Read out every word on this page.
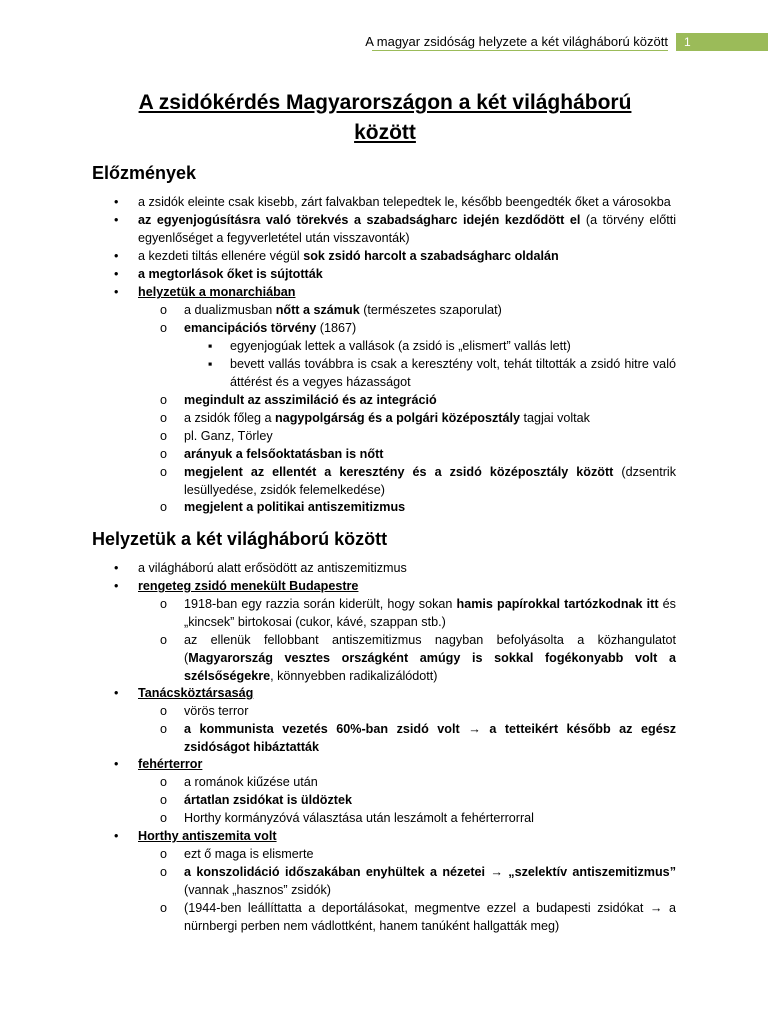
A magyar zsidóság helyzete a két világháború között	1
A zsidókérdés Magyarországon a két világháború
között
Előzmények
• a zsidók eleinte csak kisebb, zárt falvakban telepedtek le, később beengedték őket a városokba
• az egyenjogúsításra való törekvés a szabadságharc idején kezdődött el (a törvény előtti egyenlőséget a fegyverletétel után visszavonták)
• a kezdeti tiltás ellenére végül sok zsidó harcolt a szabadságharc oldalán
• a megtorlások őket is sújtották
• helyzetük a monarchiában
o a dualizmusban nőtt a számuk (természetes szaporulat)
o emancipációs törvény (1867)
▪ egyenjogúak lettek a vallások (a zsidó is „elismert” vallás lett)
▪ bevett vallás továbbra is csak a keresztény volt, tehát tiltották a zsidó hitre való áttérést és a vegyes házasságot
o megindult az asszimiláció és az integráció
o a zsidók főleg a nagypolgárság és a polgári középosztály tagjai voltak
o pl. Ganz, Törley
o arányuk a felsőoktatásban is nőtt
o megjelent az ellentét a keresztény és a zsidó középosztály között (dzsentrik lesüllyedése, zsidók felemelkedése)
o megjelent a politikai antiszemitizmus
Helyzetük a két világháború között
• a világháború alatt erősödött az antiszemitizmus
• rengeteg zsidó menekült Budapestre
o 1918-ban egy razzia során kiderült, hogy sokan hamis papírokkal tartózkodnak itt és „kincsek” birtokosai (cukor, kávé, szappan stb.)
o az ellenük fellobbant antiszemitizmus nagyban befolyásolta a közhangulatot (Magyarország vesztes országként amúgy is sokkal fogékonyabb volt a szélsőségekre, könnyebben radikalizálódott)
• Tanácsköztársaság
o vörös terror
o a kommunista vezetés 60%-ban zsidó volt → a tetteikért később az egész zsidóságot hibáztatták
• fehérterror
o a románok kiűzése után
o ártatlan zsidókat is üldöztek
o Horthy kormányzóvá választása után leszámolt a fehérterrorral
• Horthy antiszemita volt
o ezt ő maga is elismerte
o a konszolidáció időszakában enyhültek a nézetei → „szelektív antiszemitizmus” (vannak „hasznos” zsidók)
o (1944-ben leállíttatta a deportálásokat, megmentve ezzel a budapesti zsidókat → a nürnbergi perben nem vádlottként, hanem tanúként hallgatták meg)
